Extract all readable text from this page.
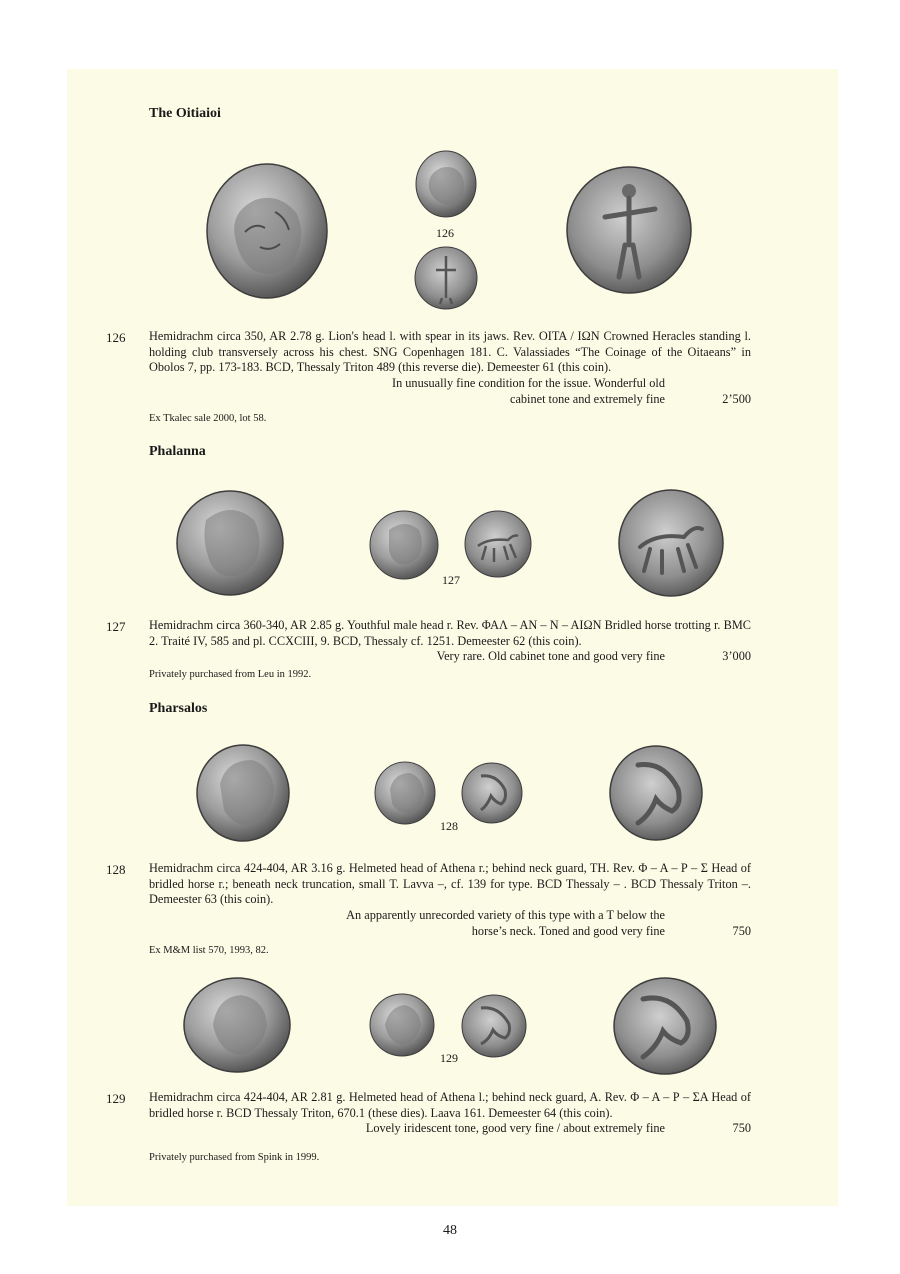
The Oitiaioi
126
126 Hemidrachm circa 350, AR 2.78 g. Lion's head l. with spear in its jaws. Rev. ΟΙΤΑ / ΙΩΝ Crowned Heracles standing l. holding club transversely across his chest. SNG Copenhagen 181. C. Valassiades “The Coinage of the Oitaeans” in Obolos 7, pp. 173-183. BCD, Thessaly Triton 489 (this reverse die). Demeester 61 (this coin).
In unusually fine condition for the issue. Wonderful old
cabinet tone and extremely fine	2’500
Ex Tkalec sale 2000, lot 58.
Phalanna
127
127 Hemidrachm circa 360-340, AR 2.85 g. Youthful male head r. Rev. ΦΑΛ – ΑΝ – Ν – ΑΙΩΝ Bridled horse trotting r. BMC 2. Traité IV, 585 and pl. CCXCIII, 9. BCD, Thessaly cf. 1251. Demeester 62 (this coin).
Very rare. Old cabinet tone and good very fine	3’000
Privately purchased from Leu in 1992.
Pharsalos
128
128 Hemidrachm circa 424-404, AR 3.16 g. Helmeted head of Athena r.; behind neck guard, TH. Rev. Φ – Α – Ρ – Σ Head of bridled horse r.; beneath neck truncation, small T. Lavva –, cf. 139 for type. BCD Thessaly – . BCD Thessaly Triton –. Demeester 63 (this coin).
An apparently unrecorded variety of this type with a T below the
horse’s neck. Toned and good very fine	750
Ex M&M list 570, 1993, 82.
129
129 Hemidrachm circa 424-404, AR 2.81 g. Helmeted head of Athena l.; behind neck guard, A. Rev. Φ – Α – Ρ – ΣΑ Head of bridled horse r. BCD Thessaly Triton, 670.1 (these dies). Laava 161. Demeester 64 (this coin).
Lovely iridescent tone, good very fine / about extremely fine	750
Privately purchased from Spink in 1999.
48
